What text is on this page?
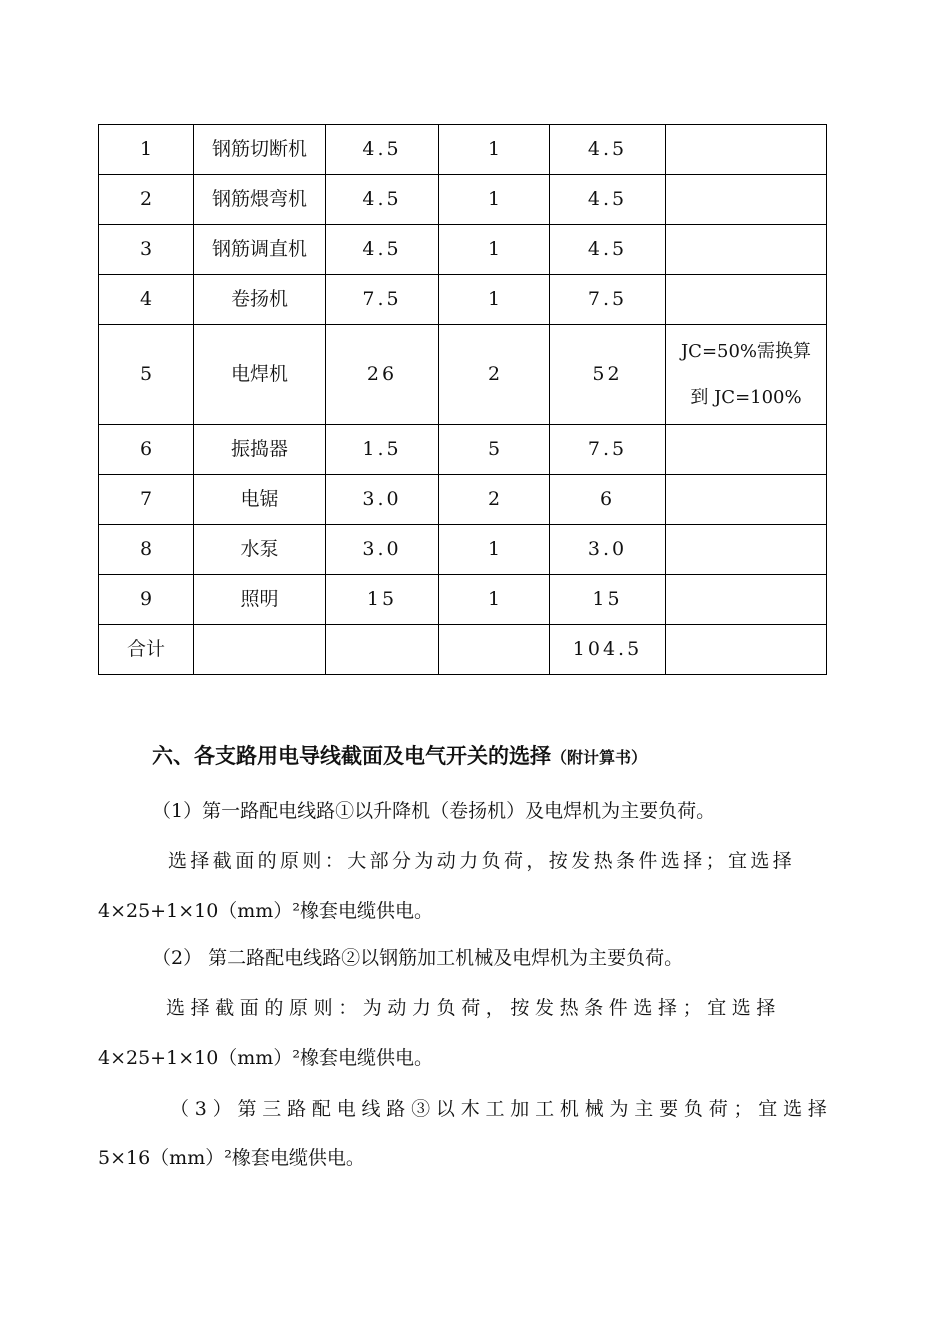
1	钢筋切断机	4.5	1	4.5	
2	钢筋煨弯机	4.5	1	4.5	
3	钢筋调直机	4.5	1	4.5	
4	卷扬机	7.5	1	7.5	
5	电焊机	26	2	52	JC=50%需换算
到 JC=100%

6	振捣器	1.5	5	7.5	
7	电锯	3.0	2	6	
8	水泵	3.0	1	3.0	
9	照明	15	1	15	
合计				104.5	
六、各支路用电导线截面及电气开关的选择（附计算书）
（1）第一路配电线路①以升降机（卷扬机）及电焊机为主要负荷。
选择截面的原则：大部分为动力负荷，按发热条件选择；宜选择
4×25+1×10（mm）²橡套电缆供电。
（2） 第二路配电线路②以钢筋加工机械及电焊机为主要负荷。
选择截面的原则：为动力负荷，按发热条件选择；宜选择
4×25+1×10（mm）²橡套电缆供电。
（3）第三路配电线路③以木工加工机械为主要负荷；宜选择
5×16（mm）²橡套电缆供电。
